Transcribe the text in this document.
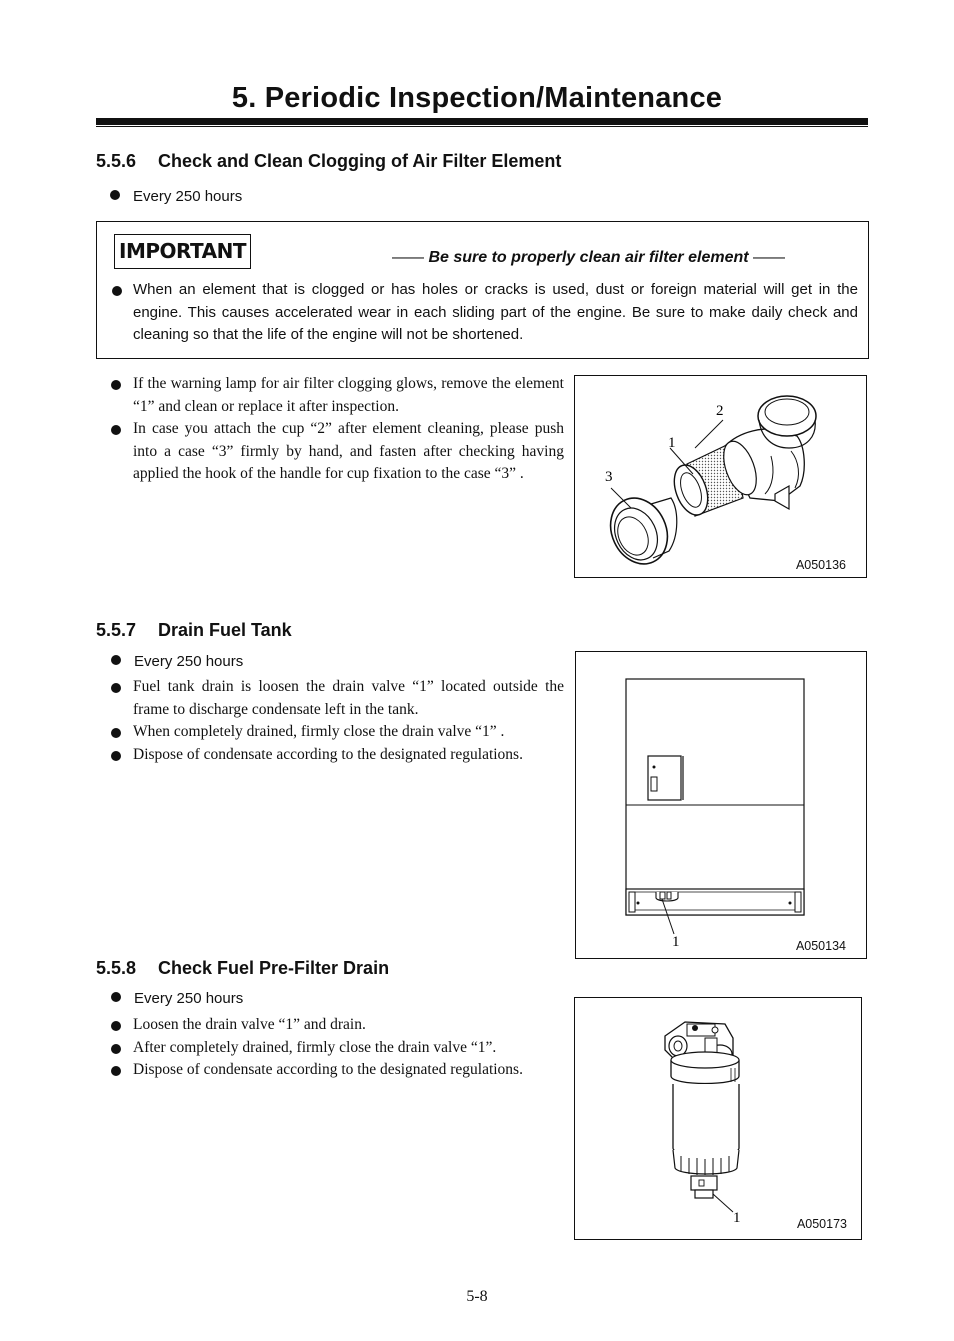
5. Periodic Inspection/Maintenance
5.5.6 Check and Clean Clogging of Air Filter Element
Every 250 hours
IMPORTANT	—— Be sure to properly clean air filter element ——
When an element that is clogged or has holes or cracks is used, dust or foreign material will get in the engine. This causes accelerated wear in each sliding part of the engine. Be sure to make daily check and cleaning so that the life of the engine will not be shortened.
If the warning lamp for air filter clogging glows, remove the element “1” and clean or replace it after inspection.
In case you attach the cup “2” after element cleaning, please push into a case “3” firmly by hand, and fasten after checking having applied the hook of the handle for cup fixation to the case “3” .
2
1
3
A050136
5.5.7 Drain Fuel Tank
Every 250 hours
Fuel tank drain is loosen the drain valve “1” located outside the frame to discharge condensate left in the tank.
When completely drained, firmly close the drain valve “1” .
Dispose of condensate according to the designated regulations.
1	A050134
5.5.8 Check Fuel Pre-Filter Drain
Every 250 hours
Loosen the drain valve “1” and drain.
After completely drained, firmly close the drain valve “1”.
Dispose of condensate according to the designated regulations.
1	A050173
5-8
